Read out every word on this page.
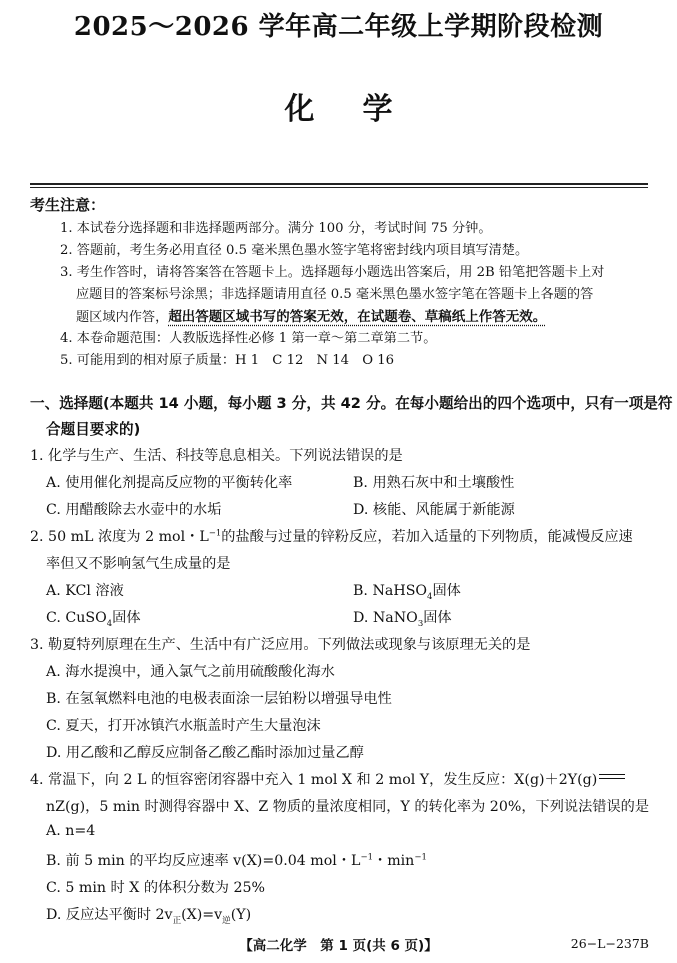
2025～2026 学年高二年级上学期阶段检测
化学
考生注意：
1. 本试卷分选择题和非选择题两部分。满分 100 分，考试时间 75 分钟。
2. 答题前，考生务必用直径 0.5 毫米黑色墨水签字笔将密封线内项目填写清楚。
3. 考生作答时，请将答案答在答题卡上。选择题每小题选出答案后，用 2B 铅笔把答题卡上对
应题目的答案标号涂黑；非选择题请用直径 0.5 毫米黑色墨水签字笔在答题卡上各题的答
题区域内作答，超出答题区域书写的答案无效，在试题卷、草稿纸上作答无效。
4. 本卷命题范围：人教版选择性必修 1 第一章～第二章第二节。
5. 可能用到的相对原子质量：H 1　C 12　N 14　O 16
一、选择题(本题共 14 小题，每小题 3 分，共 42 分。在每小题给出的四个选项中，只有一项是符
合题目要求的)
1. 化学与生产、生活、科技等息息相关。下列说法错误的是
A. 使用催化剂提高反应物的平衡转化率	B. 用熟石灰中和土壤酸性
C. 用醋酸除去水壶中的水垢	D. 核能、风能属于新能源
2. 50 mL 浓度为 2 mol・$L^{-1}$的盐酸与过量的锌粉反应，若加入适量的下列物质，能减慢反应速
率但又不影响氢气生成量的是
A. KCl 溶液	B. NaHSO$_4$固体
C. CuSO$_4$固体	D. NaNO$_3$固体
3. 勒夏特列原理在生产、生活中有广泛应用。下列做法或现象与该原理无关的是
A. 海水提溴中，通入氯气之前用硫酸酸化海水
B. 在氢氧燃料电池的电极表面涂一层铂粉以增强导电性
C. 夏天，打开冰镇汽水瓶盖时产生大量泡沫
D. 用乙酸和乙醇反应制备乙酸乙酯时添加过量乙醇
4. 常温下，向 2 L 的恒容密闭容器中充入 1 mol X 和 2 mol Y，发生反应：X(g)＋2Y(g)
nZ(g)，5 min 时测得容器中 X、Z 物质的量浓度相同，Y 的转化率为 20%，下列说法错误的是
A. n=4
B. 前 5 min 的平均反应速率 v(X)=0.04 mol・$L^{-1}$・$\min^{-1}$
C. 5 min 时 X 的体积分数为 25%
D. 反应达平衡时 $2v_正(X)=v_逆(Y)$
【高二化学　第 1 页(共 6 页)】	26−L−237B
